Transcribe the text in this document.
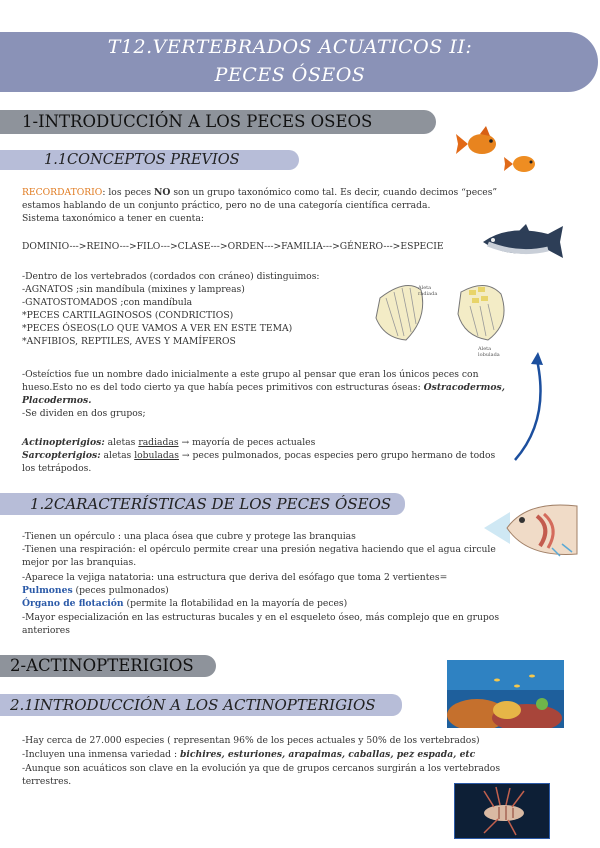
T12.VERTEBRADOS ACUATICOS II:
PECES ÓSEOS
1-INTRODUCCIÓN A LOS PECES OSEOS
1.1CONCEPTOS PREVIOS
RECORDATORIO: los peces NO son un grupo taxonómico como tal. Es decir, cuando decimos “peces”
estamos hablando de un conjunto práctico, pero no de una categoría científica cerrada.
Sistema taxonómico a tener en cuenta:
DOMINIO--->REINO--->FILO--->CLASE--->ORDEN--->FAMILIA--->GÉNERO--->ESPECIE
-Dentro de los vertebrados (cordados con cráneo) distinguimos:
-AGNATOS ;sin mandíbula (mixines y lampreas)
-GNATOSTOMADOS ;con mandíbula
*PECES CARTILAGINOSOS (CONDRICTIOS)
*PECES ÓSEOS(LO QUE VAMOS A VER EN ESTE TEMA)
*ANFIBIOS, REPTILES, AVES Y MAMÍFEROS
Aleta radiada
Aleta lobulada
-Osteíctios fue un nombre dado inicialmente a este grupo al pensar que eran los únicos peces con
hueso.Esto no es del todo cierto ya que había peces primitivos con estructuras óseas: Ostracodermos,
Placodermos.
-Se dividen en dos grupos;
Actinopterigios: aletas radiadas → mayoría de peces actuales
Sarcopterigios: aletas lobuladas → peces pulmonados, pocas especies pero grupo hermano de todos
los tetrápodos.
1.2CARACTERÍSTICAS DE LOS PECES ÓSEOS
-Tienen un opérculo : una placa ósea que cubre y protege las branquias
-Tienen una respiración: el opérculo permite crear una presión negativa haciendo que el agua circule
mejor por las branquias.
-Aparece la vejiga natatoria: una estructura que deriva del esófago que toma 2 vertientes=
Pulmones (peces pulmonados)
Órgano de flotación (permite la flotabilidad en la mayoría de peces)
-Mayor especialización en las estructuras bucales y en el esqueleto óseo, más complejo que en grupos
anteriores
2-ACTINOPTERIGIOS
2.1INTRODUCCIÓN A LOS ACTINOPTERIGIOS
-Hay cerca de 27.000 especies ( representan 96% de los peces actuales y 50% de los vertebrados)
-Incluyen una inmensa variedad : bichires, esturiones, arapaimas, caballas, pez espada, etc
-Aunque son acuáticos son clave en la evolución ya que de grupos cercanos surgirán a los vertebrados
terrestres.
